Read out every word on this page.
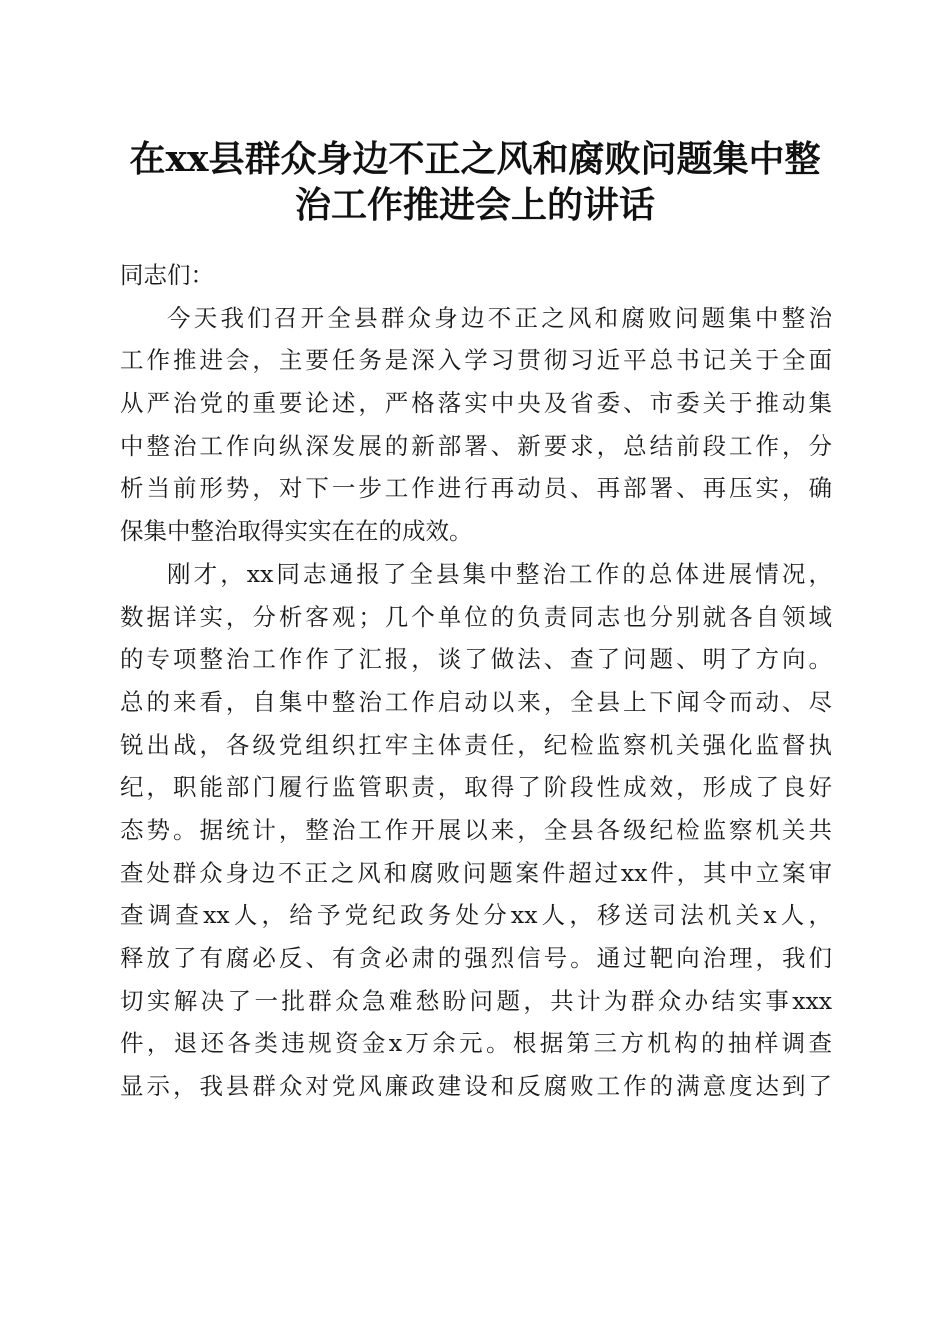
在xx县群众身边不正之风和腐败问题集中整
治工作推进会上的讲话
同志们：
今天我们召开全县群众身边不正之风和腐败问题集中整治
工作推进会，主要任务是深入学习贯彻习近平总书记关于全面
从严治党的重要论述，严格落实中央及省委、市委关于推动集
中整治工作向纵深发展的新部署、新要求，总结前段工作，分
析当前形势，对下一步工作进行再动员、再部署、再压实，确
保集中整治取得实实在在的成效。
刚才，xx同志通报了全县集中整治工作的总体进展情况，
数据详实，分析客观；几个单位的负责同志也分别就各自领域
的专项整治工作作了汇报，谈了做法、查了问题、明了方向。
总的来看，自集中整治工作启动以来，全县上下闻令而动、尽
锐出战，各级党组织扛牢主体责任，纪检监察机关强化监督执
纪，职能部门履行监管职责，取得了阶段性成效，形成了良好
态势。据统计，整治工作开展以来，全县各级纪检监察机关共
查处群众身边不正之风和腐败问题案件超过xx件，其中立案审
查调查xx人，给予党纪政务处分xx人，移送司法机关x人，
释放了有腐必反、有贪必肃的强烈信号。通过靶向治理，我们
切实解决了一批群众急难愁盼问题，共计为群众办结实事xxx
件，退还各类违规资金x万余元。根据第三方机构的抽样调查
显示，我县群众对党风廉政建设和反腐败工作的满意度达到了
